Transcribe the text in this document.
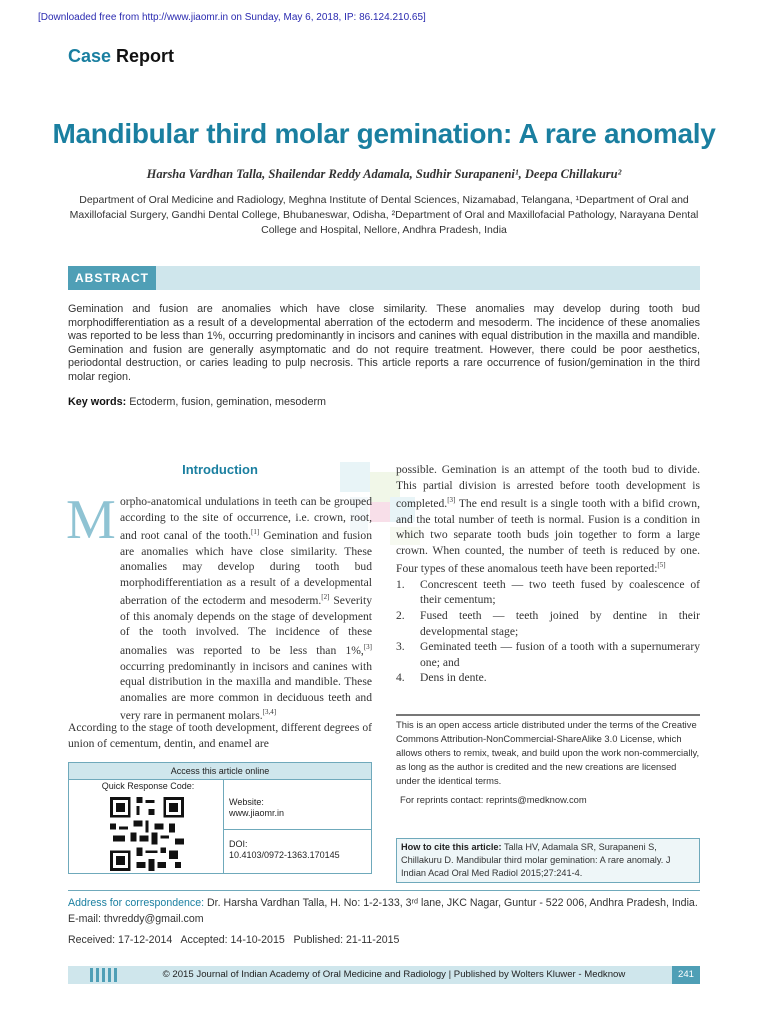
[Downloaded free from http://www.jiaomr.in on Sunday, May 6, 2018, IP: 86.124.210.65]
Case Report
Mandibular third molar gemination: A rare anomaly
Harsha Vardhan Talla, Shailendar Reddy Adamala, Sudhir Surapaneni¹, Deepa Chillakuru²
Department of Oral Medicine and Radiology, Meghna Institute of Dental Sciences, Nizamabad, Telangana, ¹Department of Oral and Maxillofacial Surgery, Gandhi Dental College, Bhubaneswar, Odisha, ²Department of Oral and Maxillofacial Pathology, Narayana Dental College and Hospital, Nellore, Andhra Pradesh, India
ABSTRACT
Gemination and fusion are anomalies which have close similarity. These anomalies may develop during tooth bud morphodifferentiation as a result of a developmental aberration of the ectoderm and mesoderm. The incidence of these anomalies was reported to be less than 1%, occurring predominantly in incisors and canines with equal distribution in the maxilla and mandible. Gemination and fusion are generally asymptomatic and do not require treatment. However, there could be poor aesthetics, periodontal destruction, or caries leading to pulp necrosis. This article reports a rare occurrence of fusion/gemination in the third molar region.
Key words: Ectoderm, fusion, gemination, mesoderm
Introduction
M orpho-anatomical undulations in teeth can be grouped according to the site of occurrence, i.e. crown, root, and root canal of the tooth.[1] Gemination and fusion are anomalies which have close similarity. These anomalies may develop during tooth bud morphodifferentiation as a result of a developmental aberration of the ectoderm and mesoderm.[2] Severity of this anomaly depends on the stage of development of the tooth involved. The incidence of these anomalies was reported to be less than 1%,[3] occurring predominantly in incisors and canines with equal distribution in the maxilla and mandible. These anomalies are more common in deciduous teeth and very rare in permanent molars.[3,4]

According to the stage of tooth development, different degrees of union of cementum, dentin, and enamel are
Access this article online
Quick Response Code:
Website:
www.jiaomr.in
DOI:
10.4103/0972-1363.170145

possible. Gemination is an attempt of the tooth bud to divide. This partial division is arrested before tooth development is completed.[3] The end result is a single tooth with a bifid crown, and the total number of teeth is normal. Fusion is a condition in which two separate tooth buds join together to form a large crown. When counted, the number of teeth is reduced by one. Four types of these anomalous teeth have been reported:[5]

1. Concrescent teeth — two teeth fused by coalescence of their cementum;
2. Fused teeth — teeth joined by dentine in their developmental stage;
3. Geminated teeth — fusion of a tooth with a supernumerary one; and
4. Dens in dente.
This is an open access article distributed under the terms of the Creative Commons Attribution-NonCommercial-ShareAlike 3.0 License, which allows others to remix, tweak, and build upon the work non-commercially, as long as the author is credited and the new creations are licensed under the identical terms.
For reprints contact: reprints@medknow.com
How to cite this article: Talla HV, Adamala SR, Surapaneni S, Chillakuru D. Mandibular third molar gemination: A rare anomaly. J Indian Acad Oral Med Radiol 2015;27:241-4.
Address for correspondence: Dr. Harsha Vardhan Talla, H. No: 1-2-133, 3ʳᵈ lane, JKC Nagar, Guntur - 522 006, Andhra Pradesh, India. E-mail: thvreddy@gmail.com
Received: 17-12-2014   Accepted: 14-10-2015   Published: 21-11-2015
© 2015 Journal of Indian Academy of Oral Medicine and Radiology | Published by Wolters Kluwer - Medknow	241
